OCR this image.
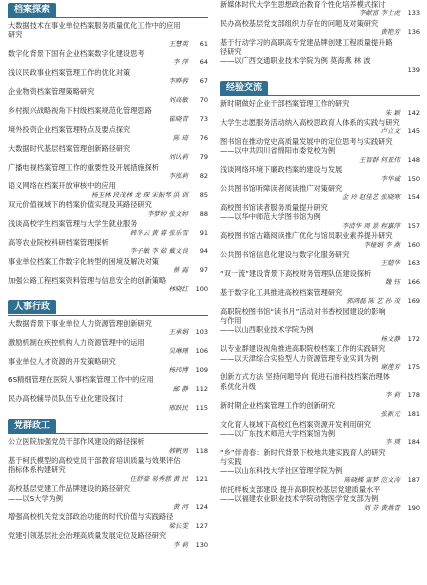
档案探索
大数据技术在事业单位档案服务质量优化工作中的应用
研究
王慧英 61
数字化背景下国有企业档案数字化建设思考
李 萍 64
浅议民政事业档案管理工作的优化对策
李晔蓉 67
企业物资档案管理策略研究
刘高敏 70
乡村振兴战略视角下村级档案规范化管理思路
崔晓青 73
境外投资企业档案管理特点及要点探究
陈 琦 76
大数据时代基层档案管理创新路径研究
刘认莉 79
广播电视档案管理工作的重要性及开展措施探析
李泓莉 82
语义网络在档案开放审核中的应用
杨玉林 段茂林 龙 琛 宋振琴 洪 训 85
双元价值视域下的档案价值实现及其路径研究
李梦婷 张文婷 88
浅谈高校学生档案管理与大学生就业服务
韩冬云 黄 睿 张乐雪 91
高等农业院校科研档案管理探析
李子敏 李 茹 戴文良 94
事业单位档案工作数字化转型的困境及解决对策
蔡 露 97
加强公路工程档案资料管理与信息安全的创新策略
林晓红 100
人事行政
大数据背景下事业单位人力资源管理创新研究
王承娟 103
激励机制在疾控机构人力资源管理中的运用
吴琳瑾 106
事业单位人才资源的开发策略研究
杨玮博 109
6S精细管理在医院人事档案管理工作中的应用
邮 静 112
民办高校辅导员队伍专业化建设探讨
邢跃民 115
党群政工
公立医院加强党员干部作风建设的路径探析
韩帆男 118
基于柯氏模型的高校党员干部教育培训质量与效果评估
指标体系构建研究
任舒豪 易秀慈 黄 民 121
高校基层党建工作品牌建设的路径研究
——以S大学为例
黄 河 124
增强高校机关党支部政治功能的时代价值与实践路径
梁长雯 127
党建引领基层社会治理高质量发展定位及路径研究
李 莉 130
新媒体时代大学生思想政治教育个性化培养模式探讨
李献富 李士虎 133
民办高校基层党支部组织力存在的问题及对策研究
黄艳芳 136
基于行动学习的高职高专党建品牌创建工程质量提升路
径研究
——以广西交通职业技术学院为例 莫海燕 林 波
139
经验交流
新时期做好企业干部档案管理工作的研究
朱 颖 142
大学生志愿服务活动纳入高校思政育人体系的实践与研究
卢立文 145
图书馆在推动党史高质量发展中的定位思考与实践研究
——以中共四川省绵阳市委党校为例
王智群 何亚伟 148
浅谈网络环境下廉政档案的建设与发展
李华诚 150
公共图书馆听障读者阅读推广对策研究
金 玲 赵佳艺 张晓寒 154
高校图书馆读者服务质量提升研究
——以华中师范大学图书馆为例
李清华 周 景 程嘉萍 157
高校图书馆古籍阅读推广优化与馆员职业素养提升研究
李娅娟 李 燕 160
公共图书馆信息化建设与数字化服务研究
王超华 163
“双一流”建设背景下高校财务管理队伍建设探析
魏 钰 166
基于数字化工具推进高校档案管理研究
郭鸿磊 陈 艺 孙 茂 169
高职院校图书馆“读书月”活动对书香校园建设的影响
与作用
——以山西职业技术学院为例
杨文静 172
以专业群建设视角推进高职院校档案工作的实践研究
——以天津综合实验型人力资源管理专业实训为例
谢莲芳 175
创新方式方法 坚持问题导向 促进石油科技档案治理体
系优化升级
李 莉 178
新时期企业档案管理工作的创新研究
张新元 181
文化育人视域下高校红色档案资源开发利用研究
——以广东技术师范大学档案馆为例
李 瑛 184
“乡”伴青春：新时代背景下校地共建实践育人的研究
与实践
——以山东科技大学社区管理学院为例
陈晓蝶 雷梦 范文涛 187
依托样板支部建设 提升高职院校基层党建质量水平
——以福建农业职业技术学院动物医学党支部为例
刘 芬 黄燕青 190
